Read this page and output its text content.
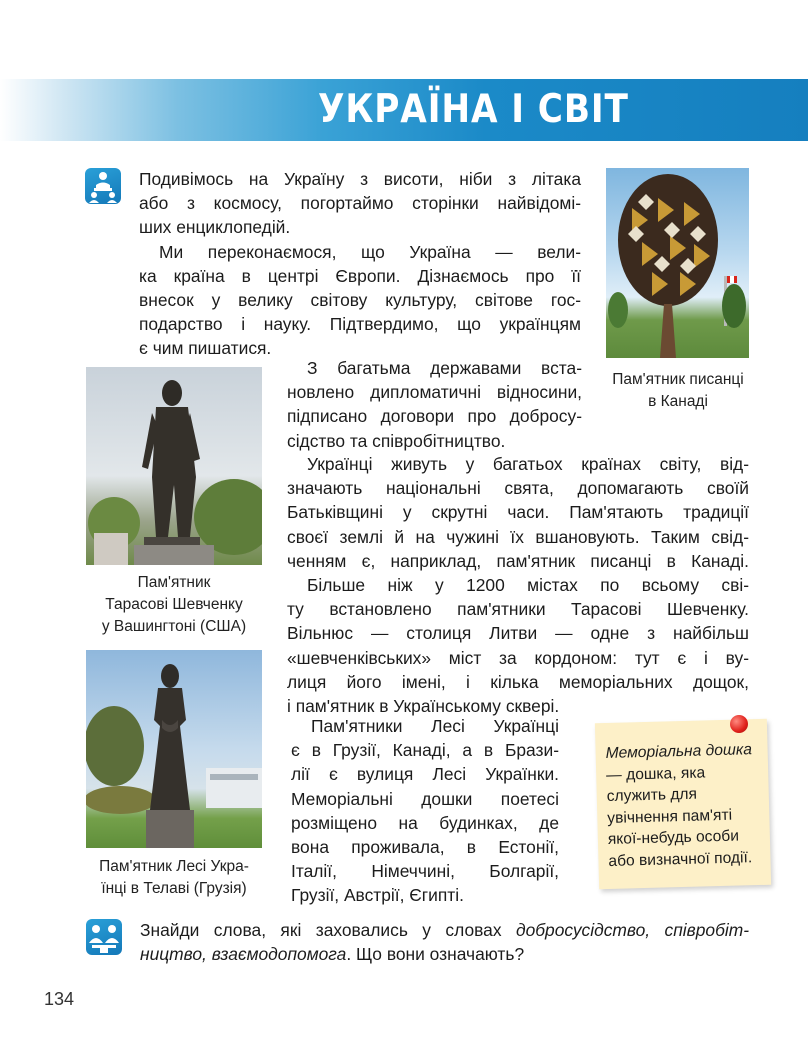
УКРАЇНА І СВІТ
Подивімось на Україну з висоти, ніби з літака
або з космосу, погортаймо сторінки найвідомі-
ших енциклопедій.
Ми переконаємося, що Україна — вели-
ка країна в центрі Європи. Дізнаємось про її
внесок у велику світову культуру, світове гос-
подарство і науку. Підтвердимо, що українцям
є чим пишатися.
Пам'ятник писанці
в Канаді
Пам'ятник
Тарасові Шевченку
у Вашингтоні (США)
З багатьма державами вста-
новлено дипломатичні відносини,
підписано договори про добросу-
сідство та співробітництво.
Українці живуть у багатьох країнах світу, від-
значають національні свята, допомагають своїй
Батьківщині у скрутні часи. Пам'ятають традиції
своєї землі й на чужині їх вшановують. Таким свід-
ченням є, наприклад, пам'ятник писанці в Канаді.
Більше ніж у 1200 містах по всьому сві-
ту встановлено пам'ятники Тарасові Шевченку.
Вільнюс — столиця Литви — одне з найбільш
«шевченківських» міст за кордоном: тут є і ву-
лиця його імені, і кілька меморіальних дощок,
і пам'ятник в Українському сквері.
Пам'ятник Лесі Укра-
їнці в Телаві (Грузія)
Пам'ятники Лесі Українці
є в Грузії, Канаді, а в Брази-
лії є вулиця Лесі Українки.
Меморіальні дошки поетесі
розміщено на будинках, де
вона проживала, в Естонії,
Італії, Німеччині, Болгарії,
Грузії, Австрії, Єгипті.
Меморіальна дошка — дошка, яка служить для увічнення пам'яті якої-небудь особи або визначної події.
Знайди слова, які заховались у словах добросусідство, співробіт-
ництво, взаємодопомога. Що вони означають?
134
